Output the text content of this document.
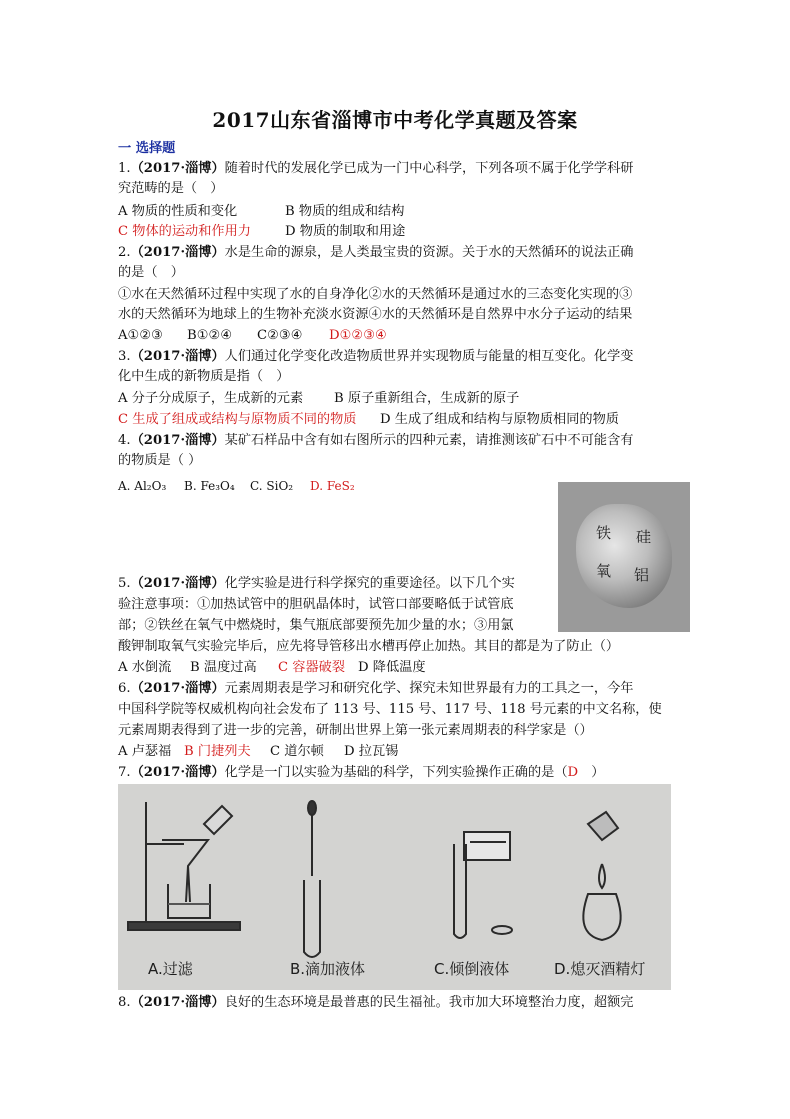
2017山东省淄博市中考化学真题及答案
一 选择题
1.（2017·淄博）随着时代的发展化学已成为一门中心科学，下列各项不属于化学学科研
究范畴的是（　）
A 物质的性质和变化	B 物质的组成和结构
C 物体的运动和作用力	D 物质的制取和用途
2.（2017·淄博）水是生命的源泉，是人类最宝贵的资源。关于水的天然循环的说法正确
的是（　）
①水在天然循环过程中实现了水的自身净化②水的天然循环是通过水的三态变化实现的③
水的天然循环为地球上的生物补充淡水资源④水的天然循环是自然界中水分子运动的结果
A①②③ B①②④ C②③④ D①②③④
3.（2017·淄博）人们通过化学变化改造物质世界并实现物质与能量的相互变化。化学变
化中生成的新物质是指（　）
A 分子分成原子，生成新的元素 B 原子重新组合，生成新的原子
C 生成了组成或结构与原物质不同的物质 D 生成了组成和结构与原物质相同的物质
4.（2017·淄博）某矿石样品中含有如右图所示的四种元素，请推测该矿石中不可能含有
的物质是（ ）
A. Al₂O₃ B. Fe₃O₄ C. SiO₂ D. FeS₂
铁 硅
氧 铝
5.（2017·淄博）化学实验是进行科学探究的重要途径。以下几个实
验注意事项：①加热试管中的胆矾晶体时，试管口部要略低于试管底
部；②铁丝在氧气中燃烧时，集气瓶底部要预先加少量的水；③用氯
酸钾制取氧气实验完毕后，应先将导管移出水槽再停止加热。其目的都是为了防止（）
A 水倒流 B 温度过高 C 容器破裂 D 降低温度
6.（2017·淄博）元素周期表是学习和研究化学、探究未知世界最有力的工具之一，今年
中国科学院等权威机构向社会发布了 113 号、115 号、117 号、118 号元素的中文名称，使
元素周期表得到了进一步的完善，研制出世界上第一张元素周期表的科学家是（）
A 卢瑟福 B 门捷列夫 C 道尔顿 D 拉瓦锡
7.（2017·淄博）化学是一门以实验为基础的科学，下列实验操作正确的是（D　）
A.过滤	B.滴加液体	C.倾倒液体	D.熄灭酒精灯
8.（2017·淄博）良好的生态环境是最普惠的民生福祉。我市加大环境整治力度，超额完
